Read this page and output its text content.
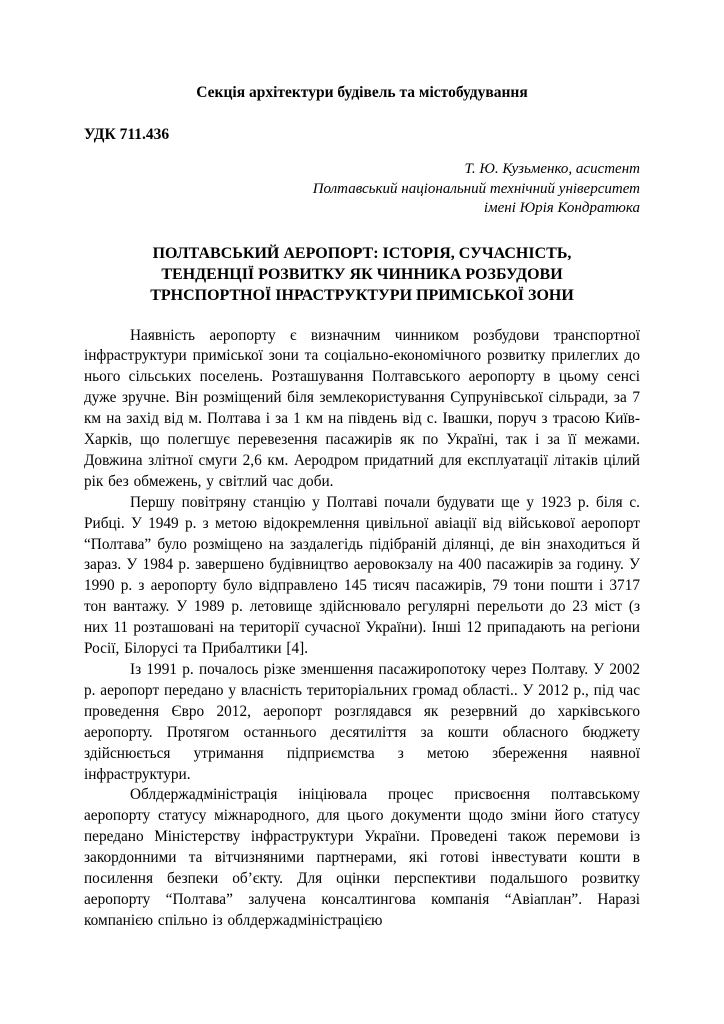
Секція архітектури будівель та містобудування
УДК 711.436
Т. Ю. Кузьменко, асистент
Полтавський національний технічний університет
імені Юрія Кондратюка
ПОЛТАВСЬКИЙ АЕРОПОРТ: ІСТОРІЯ, СУЧАСНІСТЬ,
ТЕНДЕНЦІЇ РОЗВИТКУ ЯК ЧИННИКА РОЗБУДОВИ
ТРНСПОРТНОЇ ІНРАСТРУКТУРИ ПРИМІСЬКОЇ ЗОНИ

Наявність аеропорту є визначним чинником розбудови транспортної інфраструктури приміської зони та соціально-економічного розвитку прилеглих до нього сільських поселень. Розташування Полтавського аеропорту в цьому сенсі дуже зручне. Він розміщений біля землекористування Супрунівської сільради, за 7 км на захід від м. Полтава і за 1 км на південь від с. Івашки, поруч з трасою Київ-Харків, що полегшує перевезення пасажирів як по Україні, так і за її межами. Довжина злітної смуги 2,6 км. Аеродром придатний для експлуатації літаків цілий рік без обмежень, у світлий час доби.

Першу повітряну станцію у Полтаві почали будувати ще у 1923 р. біля с. Рибці. У 1949 р. з метою відокремлення цивільної авіації від військової аеропорт “Полтава” було розміщено на заздалегідь підібраній ділянці, де він знаходиться й зараз. У 1984 р. завершено будівництво аеровокзалу на 400 пасажирів за годину. У 1990 р. з аеропорту було відправлено 145 тисяч пасажирів, 79 тони пошти і 3717 тон вантажу. У 1989 р. летовище здійснювало регулярні перельоти до 23 міст (з них 11 розташовані на території сучасної України). Інші 12 припадають на регіони Росії, Білорусі та Прибалтики [4].

Із 1991 р. почалось різке зменшення пасажиропотоку через Полтаву. У 2002 р. аеропорт передано у власність територіальних громад області.. У 2012 р., під час проведення Євро 2012, аеропорт розглядався як резервний до харківського аеропорту. Протягом останнього десятиліття за кошти обласного бюджету здійснюється утримання підприємства з метою збереження наявної інфраструктури.

Облдержадміністрація ініціювала процес присвоєння полтавському аеропорту статусу міжнародного, для цього документи щодо зміни його статусу передано Міністерству інфраструктури України. Проведені також перемови із закордонними та вітчизняними партнерами, які готові інвестувати кошти в посилення безпеки об’єкту. Для оцінки перспективи подальшого розвитку аеропорту “Полтава” залучена консалтингова компанія “Авіаплан”. Наразі компанією спільно із облдержадміністрацією
